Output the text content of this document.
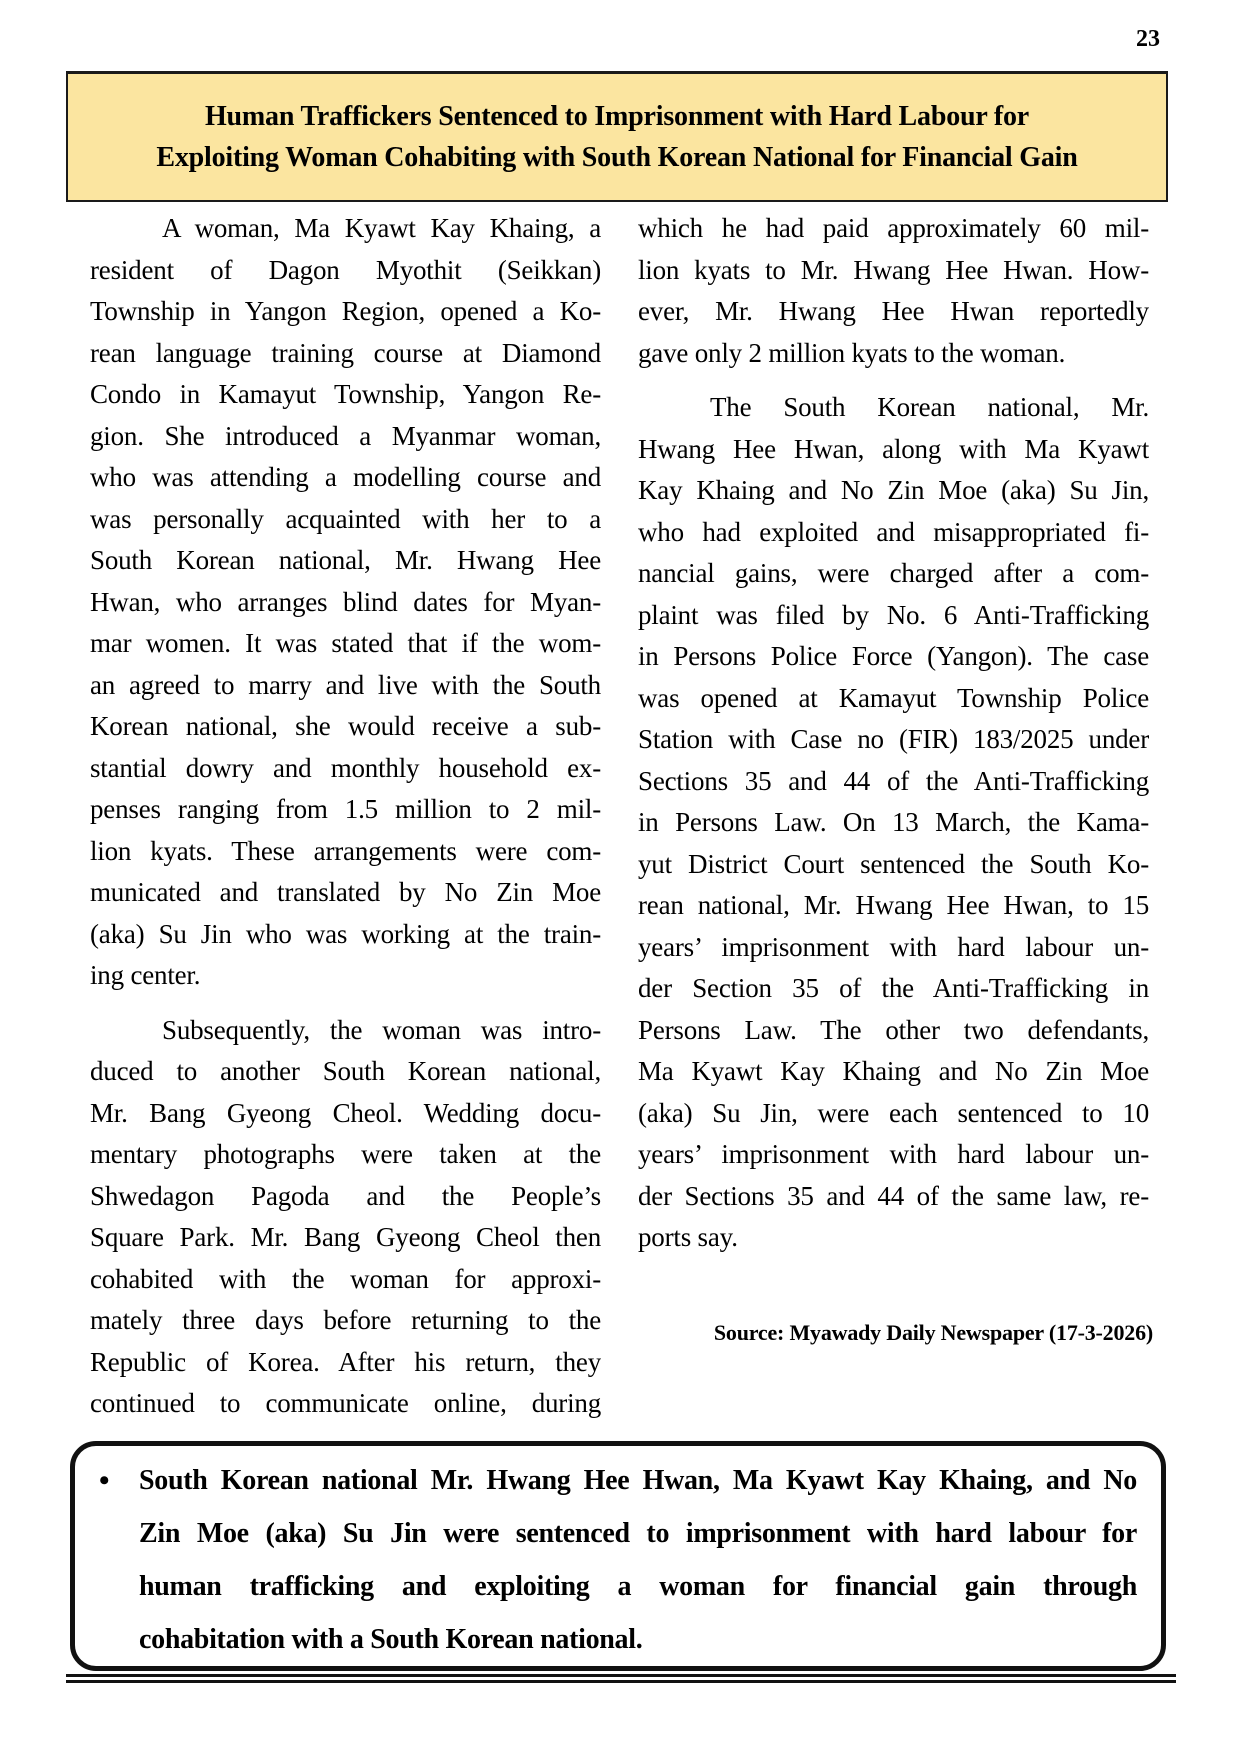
23
Human Traffickers Sentenced to Imprisonment with Hard Labour for
Exploiting Woman Cohabiting with South Korean National for Financial Gain
A woman, Ma Kyawt Kay Khaing, a
resident of Dagon Myothit (Seikkan)
Township in Yangon Region, opened a Ko-
rean language training course at Diamond
Condo in Kamayut Township, Yangon Re-
gion. She introduced a Myanmar woman,
who was attending a modelling course and
was personally acquainted with her to a
South Korean national, Mr. Hwang Hee
Hwan, who arranges blind dates for Myan-
mar women. It was stated that if the wom-
an agreed to marry and live with the South
Korean national, she would receive a sub-
stantial dowry and monthly household ex-
penses ranging from 1.5 million to 2 mil-
lion kyats. These arrangements were com-
municated and translated by No Zin Moe
(aka) Su Jin who was working at the train-
ing center.
Subsequently, the woman was intro-
duced to another South Korean national,
Mr. Bang Gyeong Cheol. Wedding docu-
mentary photographs were taken at the
Shwedagon Pagoda and the People’s
Square Park. Mr. Bang Gyeong Cheol then
cohabited with the woman for approxi-
mately three days before returning to the
Republic of Korea. After his return, they
continued to communicate online, during
which he had paid approximately 60 mil-
lion kyats to Mr. Hwang Hee Hwan. How-
ever, Mr. Hwang Hee Hwan reportedly
gave only 2 million kyats to the woman.
The South Korean national, Mr.
Hwang Hee Hwan, along with Ma Kyawt
Kay Khaing and No Zin Moe (aka) Su Jin,
who had exploited and misappropriated fi-
nancial gains, were charged after a com-
plaint was filed by No. 6 Anti-Trafficking
in Persons Police Force (Yangon). The case
was opened at Kamayut Township Police
Station with Case no (FIR) 183/2025 under
Sections 35 and 44 of the Anti-Trafficking
in Persons Law. On 13 March, the Kama-
yut District Court sentenced the South Ko-
rean national, Mr. Hwang Hee Hwan, to 15
years’ imprisonment with hard labour un-
der Section 35 of the Anti-Trafficking in
Persons Law. The other two defendants,
Ma Kyawt Kay Khaing and No Zin Moe
(aka) Su Jin, were each sentenced to 10
years’ imprisonment with hard labour un-
der Sections 35 and 44 of the same law, re-
ports say.
Source: Myawady Daily Newspaper (17-3-2026)
•	South Korean national Mr. Hwang Hee Hwan, Ma Kyawt Kay Khaing, and No
Zin Moe (aka) Su Jin were sentenced to imprisonment with hard labour for
human trafficking and exploiting a woman for financial gain through
cohabitation with a South Korean national.
